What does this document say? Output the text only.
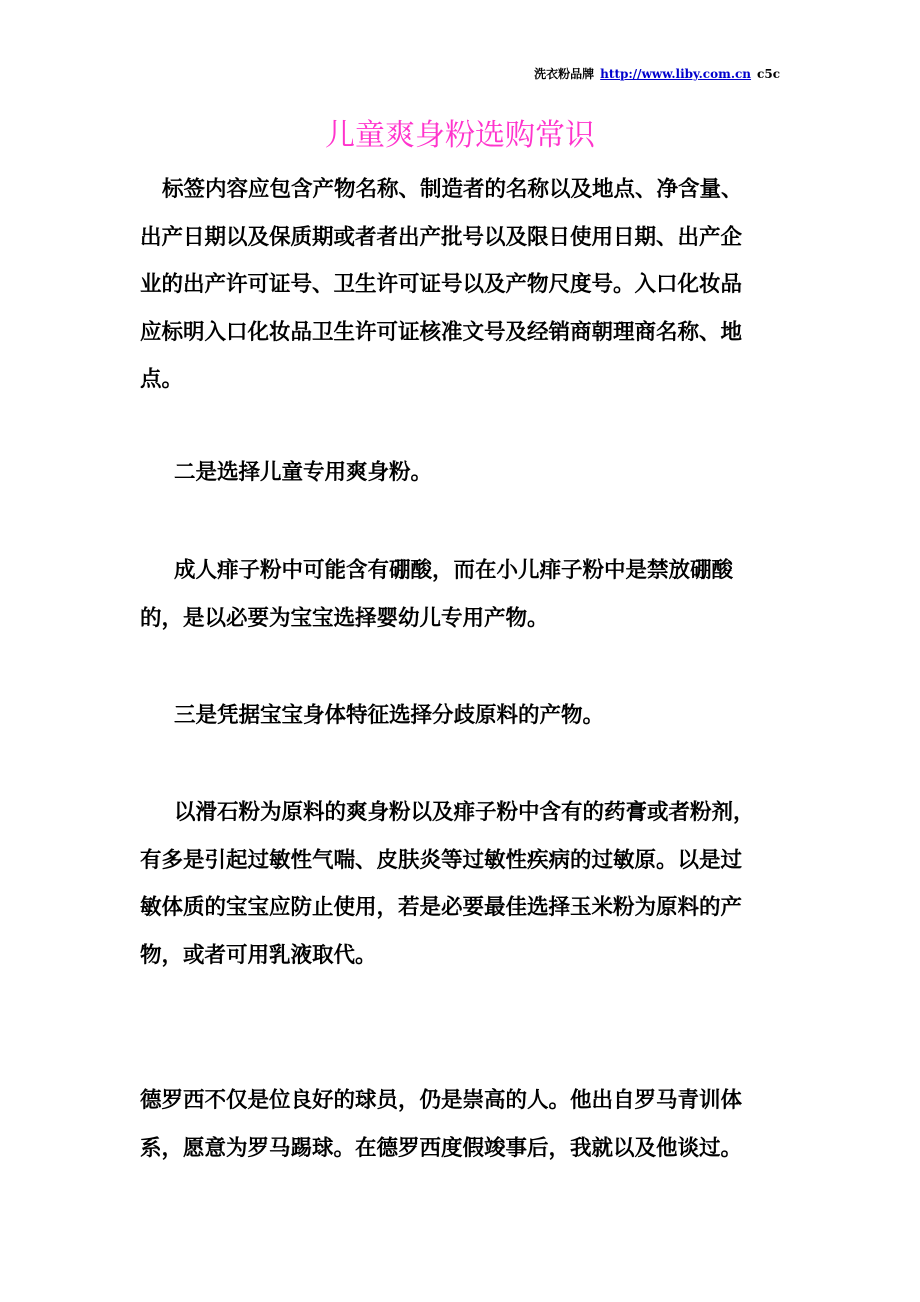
洗衣粉品牌 http://www.liby.com.cn c5c
儿童爽身粉选购常识

标签内容应包含产物名称、制造者的名称以及地点、净含量、
出产日期以及保质期或者者出产批号以及限日使用日期、出产企
业的出产许可证号、卫生许可证号以及产物尺度号。入口化妆品
应标明入口化妆品卫生许可证核准文号及经销商朝理商名称、地
点。

二是选择儿童专用爽身粉。

成人痱子粉中可能含有硼酸，而在小儿痱子粉中是禁放硼酸
的，是以必要为宝宝选择婴幼儿专用产物。

三是凭据宝宝身体特征选择分歧原料的产物。

以滑石粉为原料的爽身粉以及痱子粉中含有的药膏或者粉剂，
有多是引起过敏性气喘、皮肤炎等过敏性疾病的过敏原。以是过
敏体质的宝宝应防止使用，若是必要最佳选择玉米粉为原料的产
物，或者可用乳液取代。

德罗西不仅是位良好的球员，仍是崇高的人。他出自罗马青训体
系，愿意为罗马踢球。在德罗西度假竣事后，我就以及他谈过。
